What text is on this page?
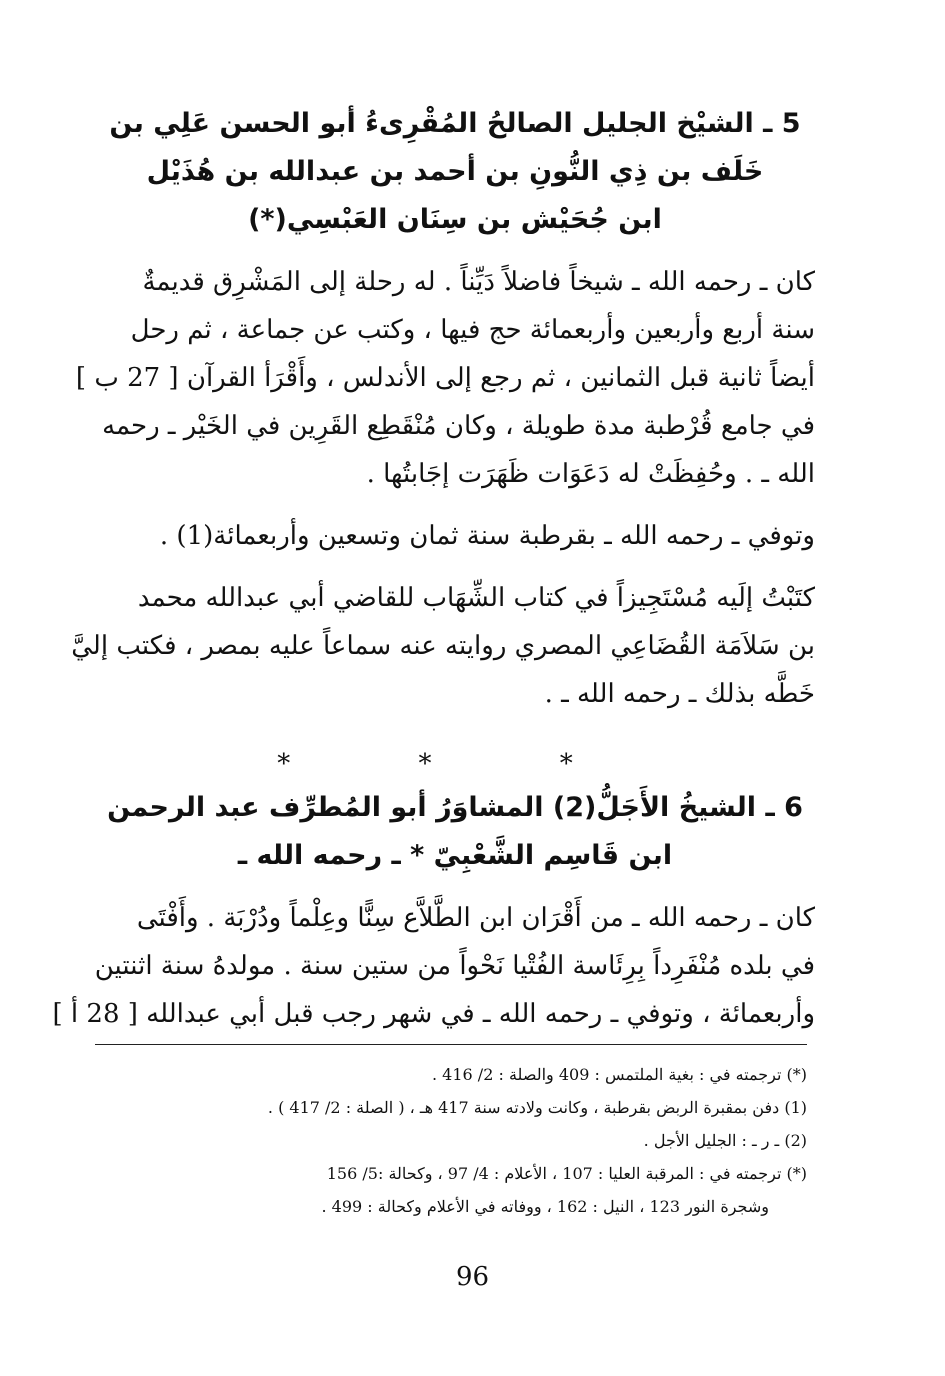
5 ـ الشيْخ الجليل الصالحُ المُقْرِىءُ أبو الحسن عَلِي بن
خَلَف بن ذِي النُّونِ بن أحمد بن عبدالله بن هُذَيْل
ابن جُحَيْش بن سِنَان العَبْسِي(*)

كان ـ رحمه الله ـ شيخاً فاضلاً دَيِّناً . له رحلة إلى المَشْرِق قديمةٌ
سنة أربع وأربعين وأربعمائة حج فيها ، وكتب عن جماعة ، ثم رحل
أيضاً ثانية قبل الثمانين ، ثم رجع إلى الأندلس ، وأَقْرَأ القرآن [ 27 ب ]
في جامع قُرْطبة مدة طويلة ، وكان مُنْقَطِع القَرِين في الخَيْر ـ رحمه
الله ـ . وحُفِظَتْ له دَعَوَات ظَهَرَت إجَابتُها .

وتوفي ـ رحمه الله ـ بقرطبة سنة ثمان وتسعين وأربعمائة(1) .

كتَبْتُ إلَيه مُسْتَجِيزاً في كتاب الشِّهَاب للقاضي أبي عبدالله محمد
بن سَلاَمَة القُضَاعِي المصري روايته عنه سماعاً عليه بمصر ، فكتب إليَّ
خَطَّه بذلك ـ رحمه الله ـ .

* * *
6 ـ الشيخُ الأَجَلُّ(2) المشاوَرُ أبو المُطرِّف عبد الرحمن
ابن قَاسِم الشَّعْبِيّ * ـ رحمه الله ـ

كان ـ رحمه الله ـ من أَقْرَان ابن الطَّلاَّع سِنًّا وعِلْماً ودُرْبَة . وأَفْتَى
في بلده مُنْفَرِداً بِرِئَاسة الفُتْيا نَحْواً من ستين سنة . مولدهُ سنة اثنتين
وأربعمائة ، وتوفي ـ رحمه الله ـ في شهر رجب قبل أبي عبدالله [ 28 أ ]

(*) ترجمته في : بغية الملتمس : 409 والصلة : 2/ 416 .
(1) دفن بمقبرة الربض بقرطبة ، وكانت ولادته سنة 417 هـ ، ( الصلة : 2/ 417 ) .
(2) ـ ر ـ : الجليل الأجل .
(*) ترجمته في : المرقبة العليا : 107 ، الأعلام : 4/ 97 ، وكحالة :5/ 156
وشجرة النور 123 ، النيل : 162 ، ووفاته في الأعلام وكحالة : 499 .
96
